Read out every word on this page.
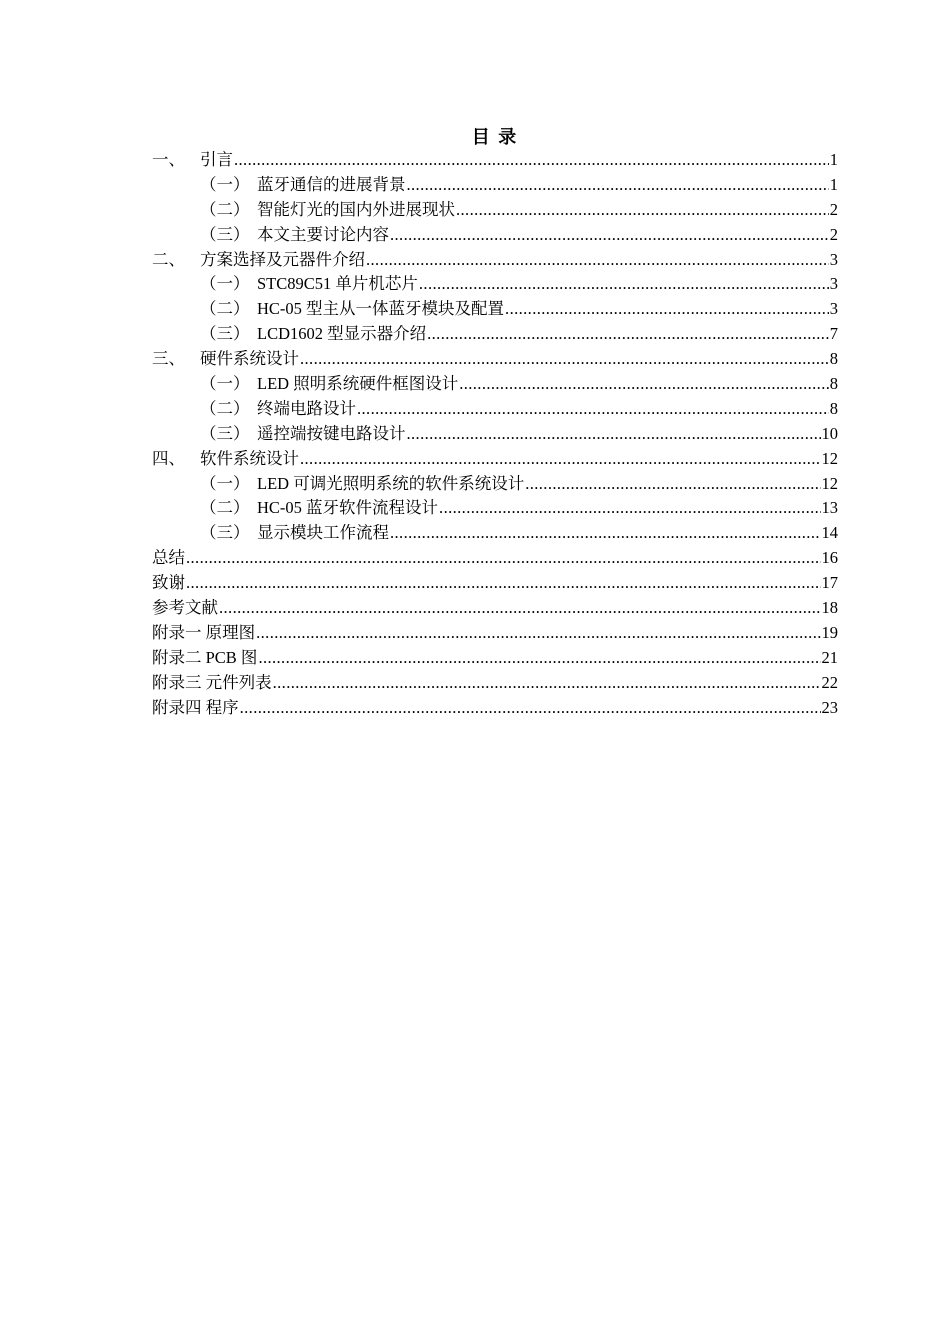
目 录
一、 引言 .....	1
（一） 蓝牙通信的进展背景 .....	1
（二） 智能灯光的国内外进展现状 .....	2
（三） 本文主要讨论内容 .....	2
二、 方案选择及元器件介绍 .....	3
（一） STC89C51 单片机芯片 .....	3
（二） HC-05 型主从一体蓝牙模块及配置 .....	3
（三） LCD1602 型显示器介绍 .....	7
三、 硬件系统设计 .....	8
（一） LED 照明系统硬件框图设计 .....	8
（二） 终端电路设计 .....	8
（三） 遥控端按键电路设计 .....	10
四、 软件系统设计 .....	12
（一） LED 可调光照明系统的软件系统设计 .....	12
（二） HC-05 蓝牙软件流程设计 .....	13
（三） 显示模块工作流程 .....	14
总结 .....	16
致谢 .....	17
参考文献 .....	18
附录一 原理图 .....	19
附录二 PCB 图 .....	21
附录三 元件列表 .....	22
附录四 程序 .....	23
